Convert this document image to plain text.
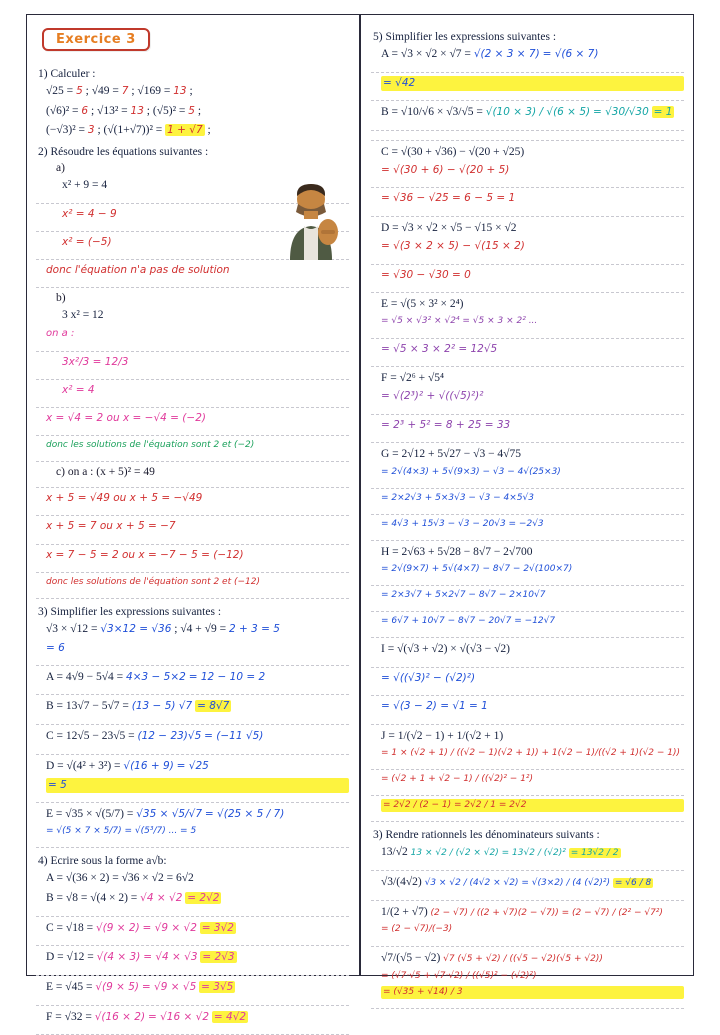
Exercice 3
1) Calculer :
√25 = 5 ; √49 = 7 ; √169 = 13 ;
(√6)² = 6 ; √13² = 13 ; (√5)² = 5 ;
(−√3)² = 3 ; (√(1+√7))² = 1 + √7 ;
2) Résoudre les équations suivantes :
a)
x² + 9 = 4
x² = 4 − 9
x² = (−5)
donc l'équation n'a pas de solution
b)
3 x² = 12
on a :
3x²/3 = 12/3
x² = 4
x = √4 = 2 ou x = −√4 = (−2)
donc les solutions de l'équation sont 2 et (−2)
c) on a : (x + 5)² = 49
x + 5 = √49 ou x + 5 = −√49
x + 5 = 7 ou x + 5 = −7
x = 7 − 5 = 2 ou x = −7 − 5 = (−12)
donc les solutions de l'équation sont 2 et (−12)
3) Simplifier les expressions suivantes :
√3 × √12 = √3×12 = √36 ; √4 + √9 = 2 + 3 = 5
= 6
A = 4√9 − 5√4 = 4×3 − 5×2 = 12 − 10 = 2
B = 13√7 − 5√7 = (13 − 5) √7 = 8√7
C = 12√5 − 23√5 = (12 − 23)√5 = (−11 √5)
D = √(4² + 3²) = √(16 + 9) = √25
= 5
E = √35 × √(5/7) = √35 × √5/√7 = √(25 × 5 / 7)
= √(5 × 7 × 5/7) = √(5³/7) ... = 5
4) Ecrire sous la forme a√b:
A = √(36 × 2) = √36 × √2 = 6√2
B = √8 = √(4 × 2) = √4 × √2 = 2√2
C = √18 = √(9 × 2) = √9 × √2 = 3√2
D = √12 = √(4 × 3) = √4 × √3 = 2√3
E = √45 = √(9 × 5) = √9 × √5 = 3√5
F = √32 = √(16 × 2) = √16 × √2 = 4√2
5) Simplifier les expressions suivantes :
A = √3 × √2 × √7 = √(2 × 3 × 7) = √(6 × 7)
= √42
B = √10/√6 × √3/√5 = √(10 × 3) / √(6 × 5) = √30/√30 = 1
C = √(30 + √36) − √(20 + √25)
= √(30 + 6) − √(20 + 5)
= √36 − √25 = 6 − 5 = 1
D = √3 × √2 × √5 − √15 × √2
= √(3 × 2 × 5) − √(15 × 2)
= √30 − √30 = 0
E = √(5 × 3² × 2⁴)
= √5 × √3² × √2⁴ = √5 × 3 × 2² ...
= √5 × 3 × 2² = 12√5
F = √2⁶ + √5⁴
= √(2³)² + √((√5)²)²
= 2³ + 5² = 8 + 25 = 33
G = 2√12 + 5√27 − √3 − 4√75
= 2√(4×3) + 5√(9×3) − √3 − 4√(25×3)
= 2×2√3 + 5×3√3 − √3 − 4×5√3
= 4√3 + 15√3 − √3 − 20√3 = −2√3
H = 2√63 + 5√28 − 8√7 − 2√700
= 2√(9×7) + 5√(4×7) − 8√7 − 2√(100×7)
= 2×3√7 + 5×2√7 − 8√7 − 2×10√7
= 6√7 + 10√7 − 8√7 − 20√7 = −12√7
I = √(√3 + √2) × √(√3 − √2)
= √((√3)² − (√2)²)
= √(3 − 2) = √1 = 1
J = 1/(√2 − 1) + 1/(√2 + 1)
= 1 × (√2 + 1) / ((√2 − 1)(√2 + 1)) + 1(√2 − 1)/((√2 + 1)(√2 − 1))
= (√2 + 1 + √2 − 1) / ((√2)² − 1²)
= 2√2 / (2 − 1) = 2√2 / 1 = 2√2
3) Rendre rationnels les dénominateurs suivants :
13/√2 13 × √2 / (√2 × √2) = 13√2 / (√2)² = 13√2 / 2
√3/(4√2) √3 × √2 / (4√2 × √2) = √(3×2) / (4 (√2)²) = √6 / 8
1/(2 + √7) (2 − √7) / ((2 + √7)(2 − √7)) = (2 − √7) / (2² − √7²) = (2 − √7)/(−3)
√7/(√5 − √2) √7 (√5 + √2) / ((√5 − √2)(√5 + √2)) = (√7·√5 + √7·√2) / ((√5)² − (√2)²)
= (√35 + √14) / 3
